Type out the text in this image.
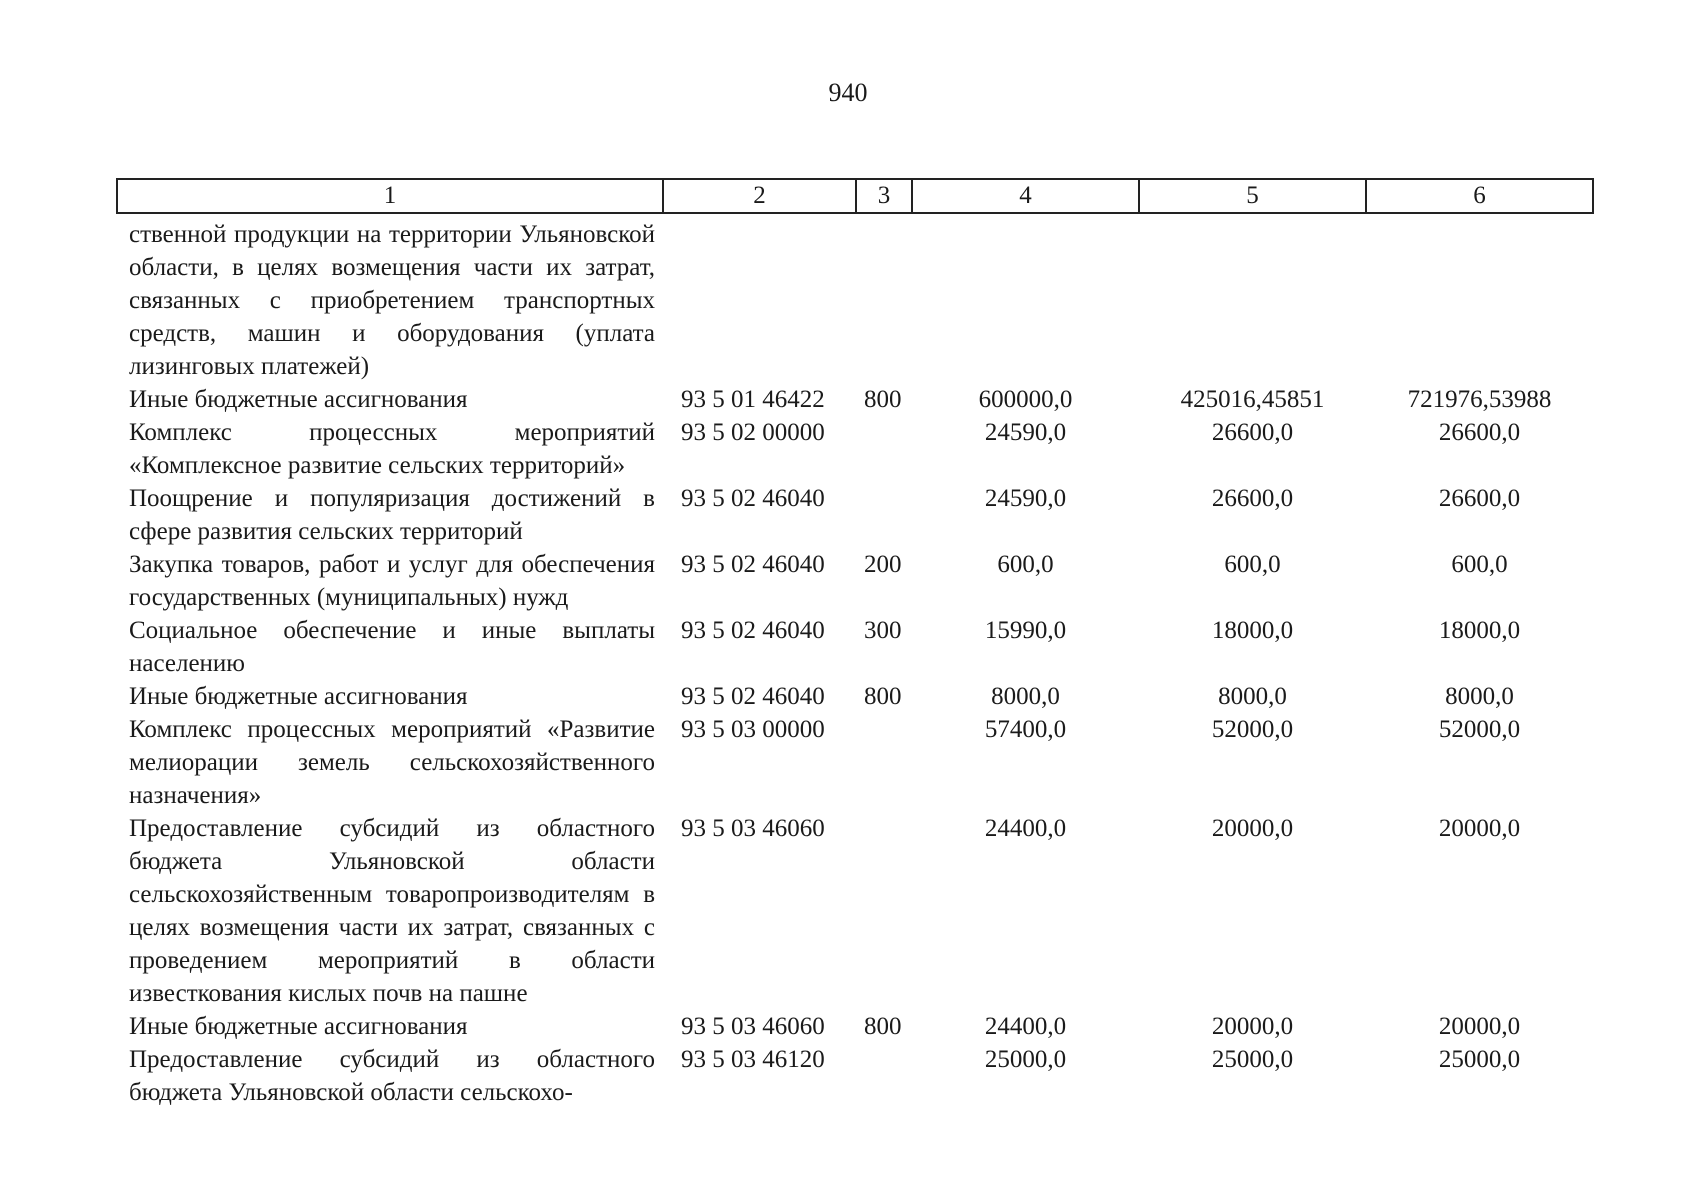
940
1	2	3	4	5	6
ственной продукции на территории Ульяновской области, в целях возмещения части их затрат, связанных с приобретением транспортных средств, машин и оборудования (уплата лизинговых платежей)					
Иные бюджетные ассигнования	93 5 01 46422	800	600000,0	425016,45851	721976,53988
Комплекс процессных мероприятий «Комплексное развитие сельских территорий»	93 5 02 00000		24590,0	26600,0	26600,0
Поощрение и популяризация достижений в сфере развития сельских территорий	93 5 02 46040		24590,0	26600,0	26600,0
Закупка товаров, работ и услуг для обеспечения государственных (муниципальных) нужд	93 5 02 46040	200	600,0	600,0	600,0
Социальное обеспечение и иные выплаты населению	93 5 02 46040	300	15990,0	18000,0	18000,0
Иные бюджетные ассигнования	93 5 02 46040	800	8000,0	8000,0	8000,0
Комплекс процессных мероприятий «Развитие мелиорации земель сельскохозяйственного назначения»	93 5 03 00000		57400,0	52000,0	52000,0
Предоставление субсидий из областного бюджета Ульяновской области сельскохозяйственным товаропроизводителям в целях возмещения части их затрат, связанных с проведением мероприятий в области известкования кислых почв на пашне	93 5 03 46060		24400,0	20000,0	20000,0
Иные бюджетные ассигнования	93 5 03 46060	800	24400,0	20000,0	20000,0
Предоставление субсидий из областного бюджета Ульяновской области сельскохо-	93 5 03 46120		25000,0	25000,0	25000,0
